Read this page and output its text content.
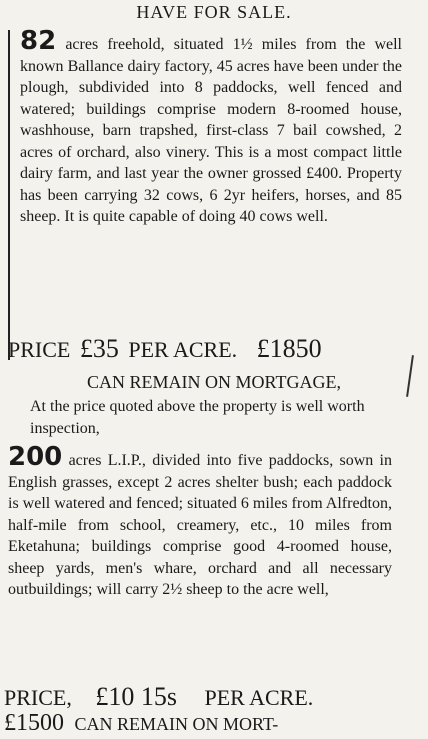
HAVE FOR SALE.
82 acres freehold, situated 1½ miles from the well known Ballance dairy factory, 45 acres have been under the plough, subdivided into 8 paddocks, well fenced and watered; buildings comprise modern 8-roomed house, washhouse, barn trapshed, first-class 7 bail cowshed, 2 acres of orchard, also vinery. This is a most compact little dairy farm, and last year the owner grossed £400. Property has been carrying 32 cows, 6 2yr heifers, horses, and 85 sheep. It is quite capable of doing 40 cows well.
PRICE £35 PER ACRE. £1850
CAN REMAIN ON MORTGAGE,
At the price quoted above the property is well worth inspection,
200 acres L.I.P., divided into five paddocks, sown in English grasses, except 2 acres shelter bush; each paddock is well watered and fenced; situated 6 miles from Alfredton, half-mile from school, creamery, etc., 10 miles from Eketahuna; buildings comprise good 4-roomed house, sheep yards, men's whare, orchard and all necessary outbuildings; will carry 2½ sheep to the acre well,
PRICE, £10 15s PER ACRE.
£1500 CAN REMAIN ON MORT-
